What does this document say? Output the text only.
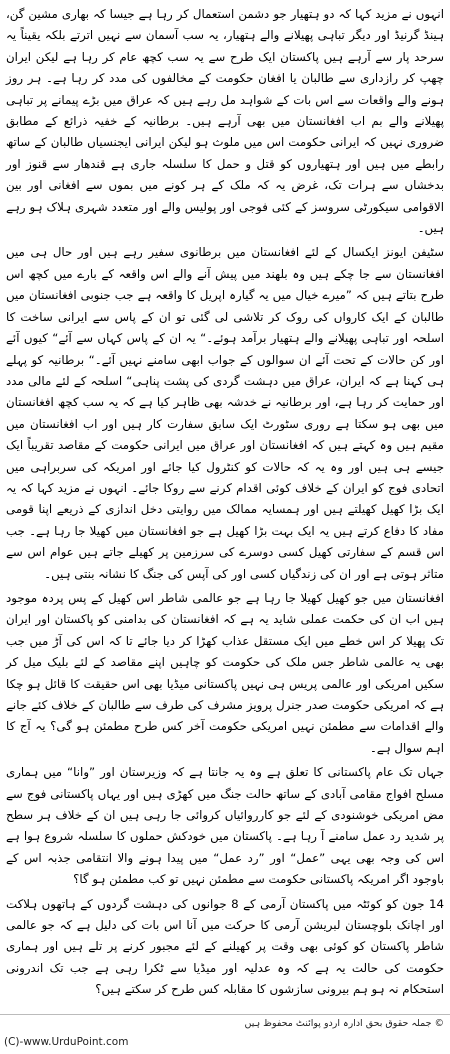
انہوں نے مزید کہا کہ دو ہتھیار جو دشمن استعمال کر رہا ہے جیسا کہ بھاری مشین گن، ہینڈ گرنیڈ اور دیگر تباہی پھیلانے والے ہتھیار، یہ سب آسمان سے نہیں اترتے بلکہ یقیناً یہ سرحد پار سے آرہے ہیں پاکستان ایک طرح سے یہ سب کچھ عام کر رہا ہے لیکن ایران چھپ کر رازداری سے طالبان یا افغان حکومت کے مخالفوں کی مدد کر رہا ہے۔ ہر روز ہونے والے واقعات سے اس بات کے شواہد مل رہے ہیں کہ عراق میں بڑے پیمانے پر تباہی پھیلانے والے بم اب افغانستان میں بھی آرہے ہیں۔ برطانیہ کے خفیہ ذرائع کے مطابق ضروری نہیں کہ ایرانی حکومت اس میں ملوث ہو لیکن ایرانی ایجنسیاں طالبان کے ساتھ رابطے میں ہیں اور ہتھیاروں کو قتل و حمل کا سلسلہ جاری ہے قندھار سے قنوز اور بدخشاں سے ہرات تک، غرض یہ کہ ملک کے ہر کونے میں بموں سے افغانی اور بین الاقوامی سیکورٹی سروسز کے کئی فوجی اور پولیس والے اور متعدد شہری ہلاک ہو رہے ہیں۔

سٹیفن ایونز ایکسال کے لئے افغانستان میں برطانوی سفیر رہے ہیں اور حال ہی میں افغانستان سے جا چکے ہیں وہ بلھند میں پیش آنے والے اس واقعہ کے بارے میں کچھ اس طرح بتاتے ہیں کہ ”میرے خیال میں یہ گیارہ اپریل کا واقعہ ہے جب جنوبی افغانستان میں طالبان کے ایک کارواں کی روک کر تلاشی لی گئی تو ان کے پاس سے ایرانی ساخت کا اسلحہ اور تباہی پھیلانے والے ہتھیار برآمد ہوئے۔“ یہ ان کے پاس کہاں سے آئے“ کیوں آئے اور کن حالات کے تحت آئے ان سوالوں کے جواب ابھی سامنے نہیں آئے۔“ برطانیہ کو پہلے ہی کہنا ہے کہ ایران، عراق میں دہشت گردی کی پشت پناہی“ اسلحہ کے لئے مالی مدد اور حمایت کر رہا ہے، اور برطانیہ نے خدشہ بھی ظاہر کیا ہے کہ یہ سب کچھ افغانستان میں بھی ہو سکتا ہے روری سٹورٹ ایک سابق سفارت کار ہیں اور اب افغانستان میں مقیم ہیں وہ کہتے ہیں کہ افغانستان اور عراق میں ایرانی حکومت کے مقاصد تقریباً ایک جیسے ہی ہیں اور وہ یہ کہ حالات کو کنٹرول کیا جائے اور امریکہ کی سربراہی میں اتحادی فوج کو ایران کے خلاف کوئی اقدام کرنے سے روکا جائے۔ انہوں نے مزید کہا کہ یہ ایک بڑا کھیل کھیلتے ہیں اور ہمسایہ ممالک میں روایتی دخل اندازی کے ذریعے اپنا قومی مفاد کا دفاع کرتے ہیں یہ ایک بہت بڑا کھیل ہے جو افغانستان میں کھیلا جا رہا ہے۔ جب اس قسم کے سفارتی کھیل کسی دوسرے کی سرزمین پر کھیلے جاتے ہیں عوام اس سے متاثر ہوتی ہے اور ان کی زندگیاں کسی اور کی آپس کی جنگ کا نشانہ بنتی ہیں۔

افغانستان میں جو کھیل کھیلا جا رہا ہے جو عالمی شاطر اس کھیل کے پس پردہ موجود ہیں اب ان کی حکمت عملی شاید یہ ہے کہ افغانستان کی بدامنی کو پاکستان اور ایران تک پھیلا کر اس خطے میں ایک مستقل عذاب کھڑا کر دیا جائے تا کہ اس کی آڑ میں جب بھی یہ عالمی شاطر جس ملک کی حکومت کو چاہیں اپنے مقاصد کے لئے بلیک میل کر سکیں امریکی اور عالمی پریس ہی نہیں پاکستانی میڈیا بھی اس حقیقت کا قائل ہو چکا ہے کہ امریکی حکومت صدر جنرل پرویز مشرف کی طرف سے طالبان کے خلاف کئے جانے والے اقدامات سے مطمئن نہیں امریکی حکومت آخر کس طرح مطمئن ہو گی؟ یہ آج کا اہم سوال ہے۔

جہاں تک عام پاکستانی کا تعلق ہے وہ یہ جانتا ہے کہ وزیرستان اور ”وانا“ میں ہماری مسلح افواج مقامی آبادی کے ساتھ حالت جنگ میں کھڑی ہیں اور یہاں پاکستانی فوج سے مض امریکی خوشنودی کے لئے جو کارروائیاں کروائی جا رہی ہیں ان کے خلاف ہر سطح پر شدید رد عمل سامنے آ رہا ہے۔ پاکستان میں خودکش حملوں کا سلسلہ شروع ہوا ہے اس کی وجہ بھی یہی ”عمل“ اور ”رد عمل“ میں پیدا ہونے والا انتقامی جذبہ اس کے باوجود اگر امریکہ پاکستانی حکومت سے مطمئن نہیں تو کب مطمئن ہو گا؟

14 جون کو کوئٹہ میں پاکستان آرمی کے 8 جوانوں کی دہشت گردوں کے ہاتھوں ہلاکت اور اچانک بلوچستان لبریشن آرمی کا حرکت میں آنا اس بات کی دلیل ہے کہ جو عالمی شاطر پاکستان کو کوئی بھی وقت پر کھیلنے کے لئے مجبور کرنے پر تلے ہیں اور ہماری حکومت کی حالت یہ ہے کہ وہ عدلیہ اور میڈیا سے ٹکرا رہی ہے جب تک اندرونی استحکام نہ ہو ہم بیرونی سازشوں کا مقابلہ کس طرح کر سکتے ہیں؟

© جملہ حقوق بحق ادارہ اردو پوائنٹ محفوظ ہیں
(C)-www.UrduPoint.com
